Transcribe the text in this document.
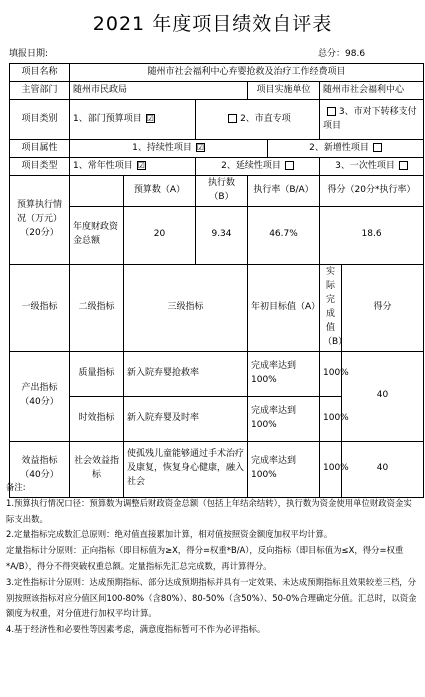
2021 年度项目绩效自评表
填报日期:	总分：98.6
项目名称	随州市社会福利中心弃婴抢救及治疗工作经费项目						
主管部门	随州市民政局			项目实施单位		随州市社会福利中心	
项目类别	1、部门预算项目 ☑		2、市直专项			3、市对下转移支付项目	
项目属性	1、持续性项目 ☑				2、新增性项目		
项目类型	1、常年性项目 ☑		2、延续性项目			3、一次性项目	
预算执行情况（万元）（20分）		预算数（A）	执行数（B）	执行率（B/A）		得分（20分*执行率）	
	年度财政资金总额	20	9.34	46.7%		18.6	
一级指标	二级指标	三级指标		年初目标值（A）		实际完成值（B）	得分
产出指标（40分）	质量指标	新入院弃婴抢救率		完成率达到100%		100%	40
	时效指标	新入院弃婴及时率		完成率达到100%		100%	
效益指标（40分）	社会效益指标	使孤残儿童能够通过手术治疗及康复，恢复身心健康，融入社会		完成率达到100%		100%	40

备注:

1.预算执行情况口径：预算数为调整后财政资金总额（包括上年结余结转），执行数为资金使用单位财政资金实际支出数。

2.定量指标完成数汇总原则：绝对值直接累加计算，相对值按照资金额度加权平均计算。

定量指标计分原则：正向指标（即目标值为≥X，得分=权重*B/A），反向指标（即目标值为≤X，得分=权重*A/B），得分不得突破权重总额。定量指标先汇总完成数，再计算得分。

3.定性指标计分原则：达成预期指标、部分达成预期指标并具有一定效果、未达成预期指标且效果较差三档，分别按照该指标对应分值区间100-80%（含80%）、80-50%（含50%）、50-0%合理确定分值。汇总时，以资金额度为权重，对分值进行加权平均计算。

4.基于经济性和必要性等因素考虑，满意度指标暂可不作为必评指标。
